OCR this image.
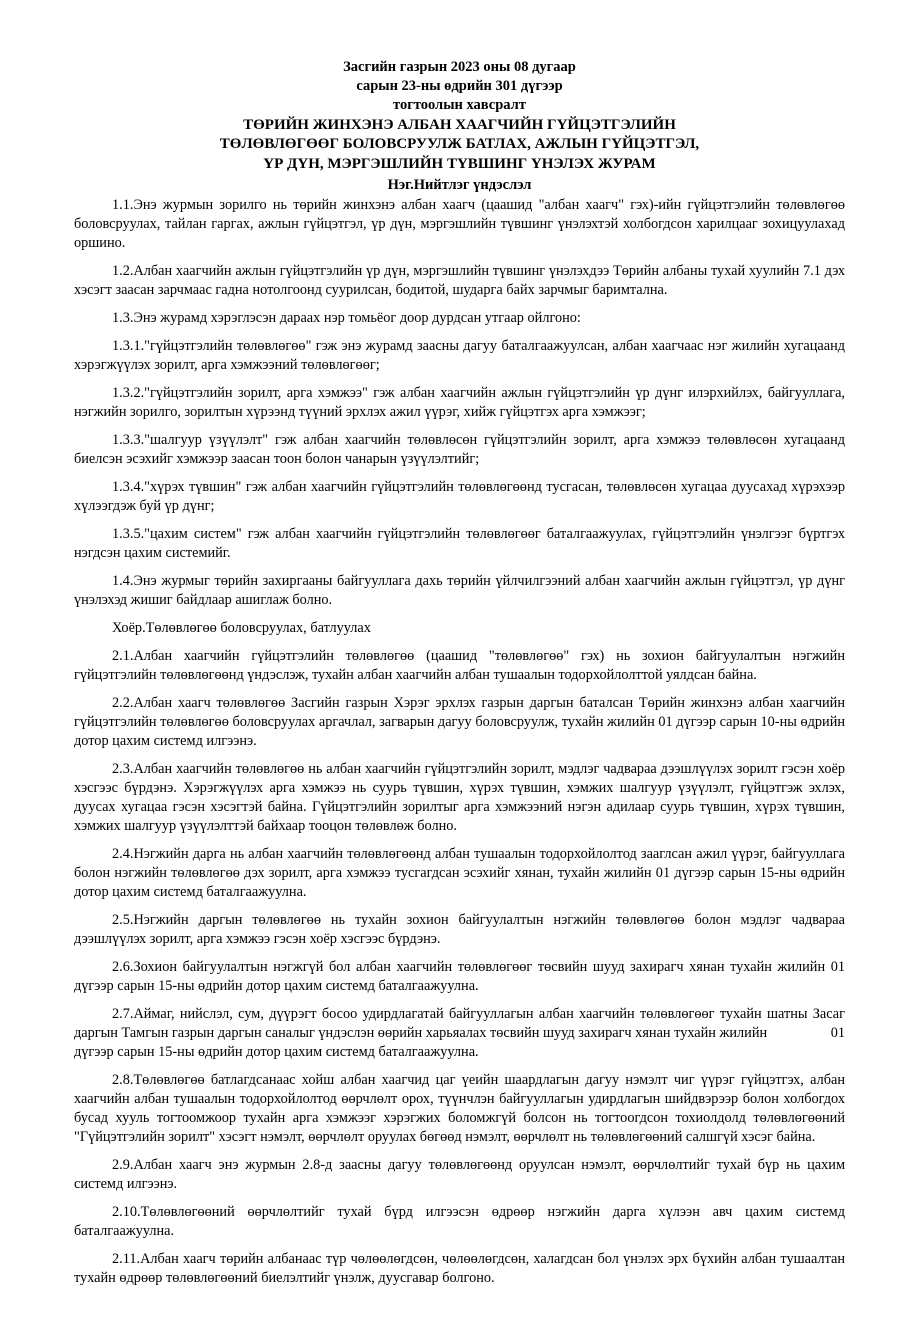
Засгийн газрын 2023 оны 08 дугаар
сарын 23-ны өдрийн 301 дүгээр
тогтоолын хавсралт
ТӨРИЙН ЖИНХЭНЭ АЛБАН ХААГЧИЙН ГҮЙЦЭТГЭЛИЙН
ТӨЛӨВЛӨГӨӨГ БОЛОВСРУУЛЖ БАТЛАХ, АЖЛЫН ГҮЙЦЭТГЭЛ,
ҮР ДҮН, МЭРГЭШЛИЙН ТҮВШИНГ ҮНЭЛЭХ ЖУРАМ
Нэг.Нийтлэг үндэслэл

1.1.Энэ журмын зорилго нь төрийн жинхэнэ албан хаагч (цаашид "албан хаагч" гэх)-ийн гүйцэтгэлийн төлөвлөгөө боловсруулах, тайлан гаргах, ажлын гүйцэтгэл, үр дүн, мэргэшлийн түвшинг үнэлэхтэй холбогдсон харилцааг зохицуулахад оршино.

1.2.Албан хаагчийн ажлын гүйцэтгэлийн үр дүн, мэргэшлийн түвшинг үнэлэхдээ Төрийн албаны тухай хуулийн 7.1 дэх хэсэгт заасан зарчмаас гадна нотолгоонд суурилсан, бодитой, шударга байх зарчмыг баримтална.

1.3.Энэ журамд хэрэглэсэн дараах нэр томьёог доор дурдсан утгаар ойлгоно:

1.3.1."гүйцэтгэлийн төлөвлөгөө" гэж энэ журамд заасны дагуу баталгаажуулсан, албан хаагчаас нэг жилийн хугацаанд хэрэгжүүлэх зорилт, арга хэмжээний төлөвлөгөөг;

1.3.2."гүйцэтгэлийн зорилт, арга хэмжээ" гэж албан хаагчийн ажлын гүйцэтгэлийн үр дүнг илэрхийлэх, байгууллага, нэгжийн зорилго, зорилтын хүрээнд түүний эрхлэх ажил үүрэг, хийж гүйцэтгэх арга хэмжээг;

1.3.3."шалгуур үзүүлэлт" гэж албан хаагчийн төлөвлөсөн гүйцэтгэлийн зорилт, арга хэмжээ төлөвлөсөн хугацаанд биелсэн эсэхийг хэмжээр заасан тоон болон чанарын үзүүлэлтийг;

1.3.4."хүрэх түвшин" гэж албан хаагчийн гүйцэтгэлийн төлөвлөгөөнд тусгасан, төлөвлөсөн хугацаа дуусахад хүрэхээр хүлээгдэж буй үр дүнг;

1.3.5."цахим систем" гэж албан хаагчийн гүйцэтгэлийн төлөвлөгөөг баталгаажуулах, гүйцэтгэлийн үнэлгээг бүртгэх нэгдсэн цахим системийг.

1.4.Энэ журмыг төрийн захиргааны байгууллага дахь төрийн үйлчилгээний албан хаагчийн ажлын гүйцэтгэл, үр дүнг үнэлэхэд жишиг байдлаар ашиглаж болно.

Хоёр.Төлөвлөгөө боловсруулах, батлуулах

2.1.Албан хаагчийн гүйцэтгэлийн төлөвлөгөө (цаашид "төлөвлөгөө" гэх) нь зохион байгуулалтын нэгжийн гүйцэтгэлийн төлөвлөгөөнд үндэслэж, тухайн албан хаагчийн албан тушаалын тодорхойлолттой уялдсан байна.

2.2.Албан хаагч төлөвлөгөө Засгийн газрын Хэрэг эрхлэх газрын даргын баталсан Төрийн жинхэнэ албан хаагчийн гүйцэтгэлийн төлөвлөгөө боловсруулах аргачлал, загварын дагуу боловсруулж, тухайн жилийн 01 дүгээр сарын 10-ны өдрийн дотор цахим системд илгээнэ.

2.3.Албан хаагчийн төлөвлөгөө нь албан хаагчийн гүйцэтгэлийн зорилт, мэдлэг чадвараа дээшлүүлэх зорилт гэсэн хоёр хэсгээс бүрдэнэ. Хэрэгжүүлэх арга хэмжээ нь суурь түвшин, хүрэх түвшин, хэмжих шалгуур үзүүлэлт, гүйцэтгэж эхлэх, дуусах хугацаа гэсэн хэсэгтэй байна. Гүйцэтгэлийн зорилтыг арга хэмжээний нэгэн адилаар суурь түвшин, хүрэх түвшин, хэмжих шалгуур үзүүлэлттэй байхаар тооцон төлөвлөж болно.

2.4.Нэгжийн дарга нь албан хаагчийн төлөвлөгөөнд албан тушаалын тодорхойлолтод зааглсан ажил үүрэг, байгууллага болон нэгжийн төлөвлөгөө дэх зорилт, арга хэмжээ тусгагдсан эсэхийг хянан, тухайн жилийн 01 дүгээр сарын 15-ны өдрийн дотор цахим системд баталгаажуулна.

2.5.Нэгжийн даргын төлөвлөгөө нь тухайн зохион байгуулалтын нэгжийн төлөвлөгөө болон мэдлэг чадвараа дээшлүүлэх зорилт, арга хэмжээ гэсэн хоёр хэсгээс бүрдэнэ.

2.6.Зохион байгуулалтын нэгжгүй бол албан хаагчийн төлөвлөгөөг төсвийн шууд захирагч хянан тухайн жилийн 01 дүгээр сарын 15-ны өдрийн дотор цахим системд баталгаажуулна.

2.7.Аймаг, нийслэл, сум, дүүрэгт босоо удирдлагатай байгууллагын албан хаагчийн төлөвлөгөөг тухайн шатны Засаг даргын Тамгын газрын даргын саналыг үндэслэн өөрийн харьяалах төсвийн шууд захирагч хянан тухайн жилийн	01 дүгээр сарын 15-ны өдрийн дотор цахим системд баталгаажуулна.

2.8.Төлөвлөгөө батлагдсанаас хойш албан хаагчид цаг үеийн шаардлагын дагуу нэмэлт чиг үүрэг гүйцэтгэх, албан хаагчийн албан тушаалын тодорхойлолтод өөрчлөлт орох, түүнчлэн байгууллагын удирдлагын шийдвэрээр болон холбогдох бусад хууль тогтоомжоор тухайн арга хэмжээг хэрэгжих боломжгүй болсон нь тогтоогдсон тохиолдолд төлөвлөгөөний "Гүйцэтгэлийн зорилт" хэсэгт нэмэлт, өөрчлөлт оруулах бөгөөд нэмэлт, өөрчлөлт нь төлөвлөгөөний салшгүй хэсэг байна.

2.9.Албан хаагч энэ журмын 2.8-д заасны дагуу төлөвлөгөөнд оруулсан нэмэлт, өөрчлөлтийг тухай бүр нь цахим системд илгээнэ.

2.10.Төлөвлөгөөний өөрчлөлтийг тухай бүрд илгээсэн өдрөөр нэгжийн дарга хүлээн авч цахим системд баталгаажуулна.

2.11.Албан хаагч төрийн албанаас түр чөлөөлөгдсөн, чөлөөлөгдсөн, халагдсан бол үнэлэх эрх бүхийн албан тушаалтан тухайн өдрөөр төлөвлөгөөний биелэлтийг үнэлж, дуусгавар болгоно.
